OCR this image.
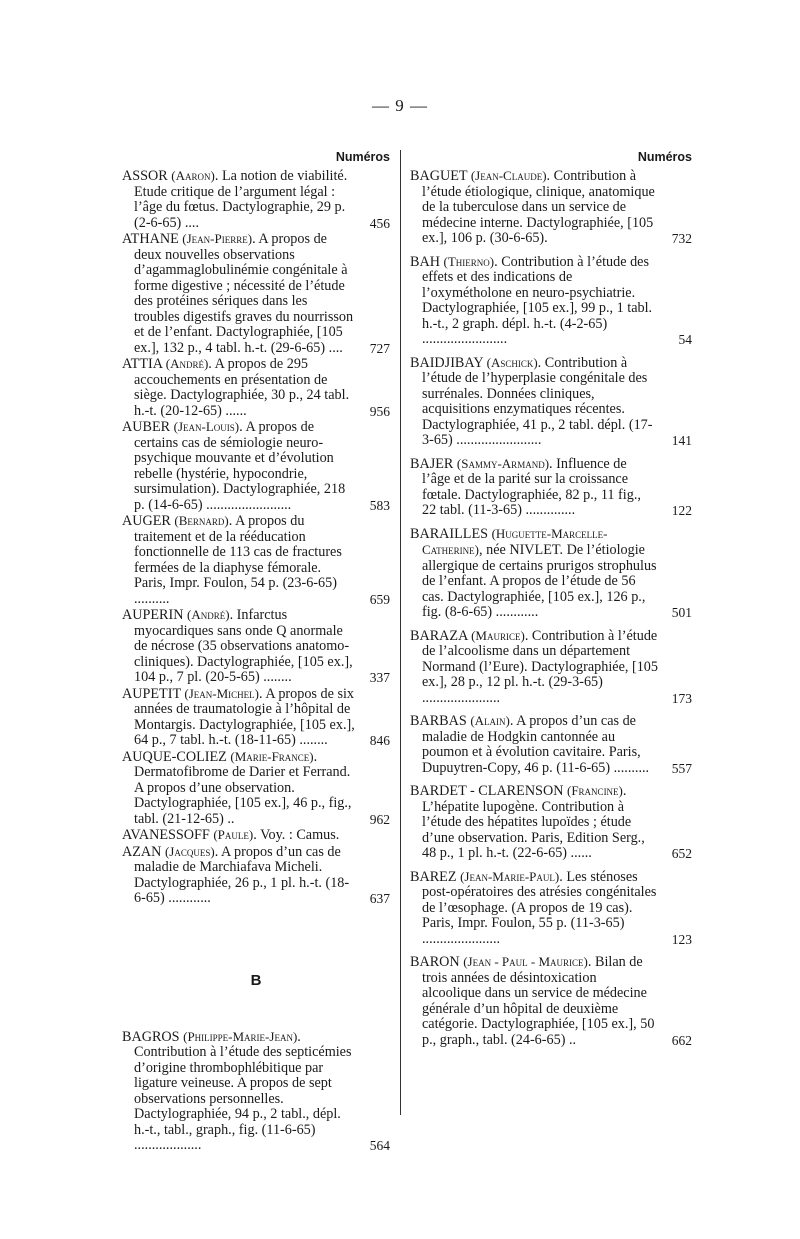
— 9 —
Numéros
ASSOR (Aaron). La notion de viabilité. Etude critique de l’argument légal : l’âge du fœtus. Dactylographie, 29 p. (2-6-65) ....	456
ATHANE (Jean-Pierre). A propos de deux nouvelles observations d’agammaglobulinémie congénitale à forme digestive ; nécessité de l’étude des protéines sériques dans les troubles digestifs graves du nourrisson et de l’enfant. Dactylographiée, [105 ex.], 132 p., 4 tabl. h.-t. (29-6-65) .... 727
ATTIA (André). A propos de 295 accouchements en présentation de siège. Dactylographiée, 30 p., 24 tabl. h.-t. (20-12-65) ......	956
AUBER (Jean-Louis). A propos de certains cas de sémiologie neuro-psychique mouvante et d’évolution rebelle (hystérie, hypocondrie, sursimulation). Dactylographiée, 218 p. (14-6-65) ........................	583
AUGER (Bernard). A propos du traitement et de la rééducation fonctionnelle de 113 cas de fractures fermées de la diaphyse fémorale. Paris, Impr. Foulon, 54 p. (23-6-65) ..........	659
AUPERIN (André). Infarctus myocardiques sans onde Q anormale de nécrose (35 observations anatomo-cliniques). Dactylographiée, [105 ex.], 104 p., 7 pl. (20-5-65) ........	337
AUPETIT (Jean-Michel). A propos de six années de traumatologie à l’hôpital de Montargis. Dactylographiée, [105 ex.], 64 p., 7 tabl. h.-t. (18-11-65) ........	846
AUQUE-COLIEZ (Marie-France). Dermatofibrome de Darier et Ferrand. A propos d’une observation. Dactylographiée, [105 ex.], 46 p., fig., tabl. (21-12-65) ..	962
AVANESSOFF (Paule). Voy. : Camus.
AZAN (Jacques). A propos d’un cas de maladie de Marchiafava Micheli. Dactylographiée, 26 p., 1 pl. h.-t. (18-6-65) ............	637
B
BAGROS (Philippe-Marie-Jean). Contribution à l’étude des septicémies d’origine thrombophlébitique par ligature veineuse. A propos de sept observations personnelles. Dactylographiée, 94 p., 2 tabl., dépl. h.-t., tabl., graph., fig. (11-6-65) ...................	564
Numéros
BAGUET (Jean-Claude). Contribution à l’étude étiologique, clinique, anatomique de la tuberculose dans un service de médecine interne. Dactylographiée, [105 ex.], 106 p. (30-6-65).	732
BAH (Thierno). Contribution à l’étude des effets et des indications de l’oxymétholone en neuro-psychiatrie. Dactylographiée, [105 ex.], 99 p., 1 tabl. h.-t., 2 graph. dépl. h.-t. (4-2-65) ........................	54
BAIDJIBAY (Aschick). Contribution à l’étude de l’hyperplasie congénitale des surrénales. Données cliniques, acquisitions enzymatiques récentes. Dactylographiée, 41 p., 2 tabl. dépl. (17-3-65) ........................	141
BAJER (Sammy-Armand). Influence de l’âge et de la parité sur la croissance fœtale. Dactylographiée, 82 p., 11 fig., 22 tabl. (11-3-65) ..............	122
BARAILLES (Huguette-Marcelle-Catherine), née NIVLET. De l’étiologie allergique de certains prurigos strophulus de l’enfant. A propos de l’étude de 56 cas. Dactylographiée, [105 ex.], 126 p., fig. (8-6-65) ............	501
BARAZA (Maurice). Contribution à l’étude de l’alcoolisme dans un département Normand (l’Eure). Dactylographiée, [105 ex.], 28 p., 12 pl. h.-t. (29-3-65) ......................	173
BARBAS (Alain). A propos d’un cas de maladie de Hodgkin cantonnée au poumon et à évolution cavitaire. Paris, Dupuytren-Copy, 46 p. (11-6-65) .......... 557
BARDET - CLARENSON (Francine). L’hépatite lupogène. Contribution à l’étude des hépatites lupoïdes ; étude d’une observation. Paris, Edition Serg., 48 p., 1 pl. h.-t. (22-6-65) ......	652
BAREZ (Jean-Marie-Paul). Les sténoses post-opératoires des atrésies congénitales de l’œsophage. (A propos de 19 cas). Paris, Impr. Foulon, 55 p. (11-3-65) ......................	123
BARON (Jean - Paul - Maurice). Bilan de trois années de désintoxication alcoolique dans un service de médecine générale d’un hôpital de deuxième catégorie. Dactylographiée, [105 ex.], 50 p., graph., tabl. (24-6-65) ..	662
